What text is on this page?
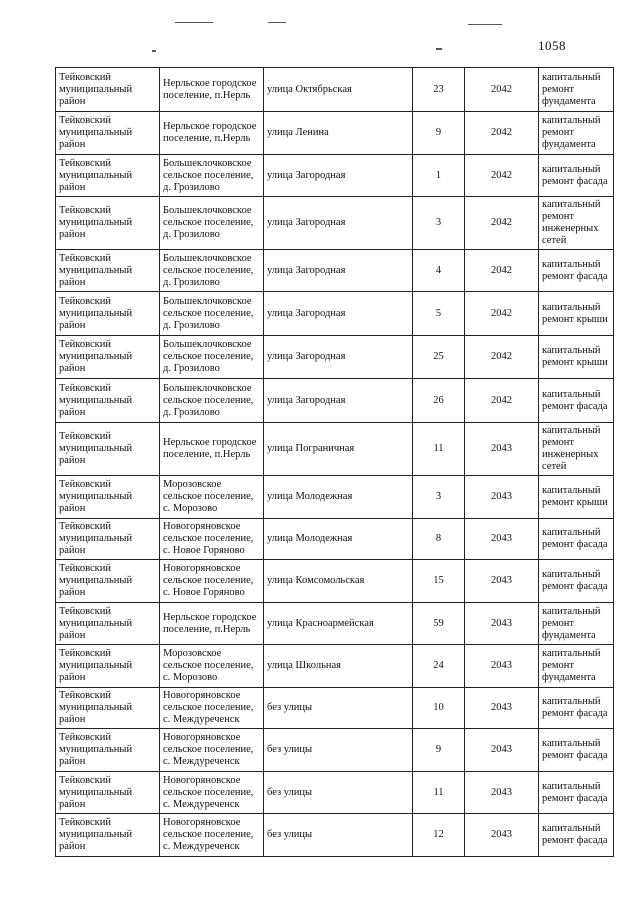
1058
Тейковский муниципальный район	Нерльское городское поселение, п.Нерль	улица Октябрьская	23	2042	капитальный ремонт фундамента
Тейковский муниципальный район	Нерльское городское поселение, п.Нерль	улица Ленина	9	2042	капитальный ремонт фундамента
Тейковский муниципальный район	Большеклочковское сельское поселение, д. Грозилово	улица Загородная	1	2042	капитальный ремонт фасада
Тейковский муниципальный район	Большеклочковское сельское поселение, д. Грозилово	улица Загородная	3	2042	капитальный ремонт инженерных сетей
Тейковский муниципальный район	Большеклочковское сельское поселение, д. Грозилово	улица Загородная	4	2042	капитальный ремонт фасада
Тейковский муниципальный район	Большеклочковское сельское поселение, д. Грозилово	улица Загородная	5	2042	капитальный ремонт крыши
Тейковский муниципальный район	Большеклочковское сельское поселение, д. Грозилово	улица Загородная	25	2042	капитальный ремонт крыши
Тейковский муниципальный район	Большеклочковское сельское поселение, д. Грозилово	улица Загородная	26	2042	капитальный ремонт фасада
Тейковский муниципальный район	Нерльское городское поселение, п.Нерль	улица Пограничная	11	2043	капитальный ремонт инженерных сетей
Тейковский муниципальный район	Морозовское сельское поселение, с. Морозово	улица Молодежная	3	2043	капитальный ремонт крыши
Тейковский муниципальный район	Новогоряновское сельское поселение, с. Новое Горяново	улица Молодежная	8	2043	капитальный ремонт фасада
Тейковский муниципальный район	Новогоряновское сельское поселение, с. Новое Горяново	улица Комсомольская	15	2043	капитальный ремонт фасада
Тейковский муниципальный район	Нерльское городское поселение, п.Нерль	улица Красноармейская	59	2043	капитальный ремонт фундамента
Тейковский муниципальный район	Морозовское сельское поселение, с. Морозово	улица Школьная	24	2043	капитальный ремонт фундамента
Тейковский муниципальный район	Новогоряновское сельское поселение, с. Междуреченск	без улицы	10	2043	капитальный ремонт фасада
Тейковский муниципальный район	Новогоряновское сельское поселение, с. Междуреченск	без улицы	9	2043	капитальный ремонт фасада
Тейковский муниципальный район	Новогоряновское сельское поселение, с. Междуреченск	без улицы	11	2043	капитальный ремонт фасада
Тейковский муниципальный район	Новогоряновское сельское поселение, с. Междуреченск	без улицы	12	2043	капитальный ремонт фасада
